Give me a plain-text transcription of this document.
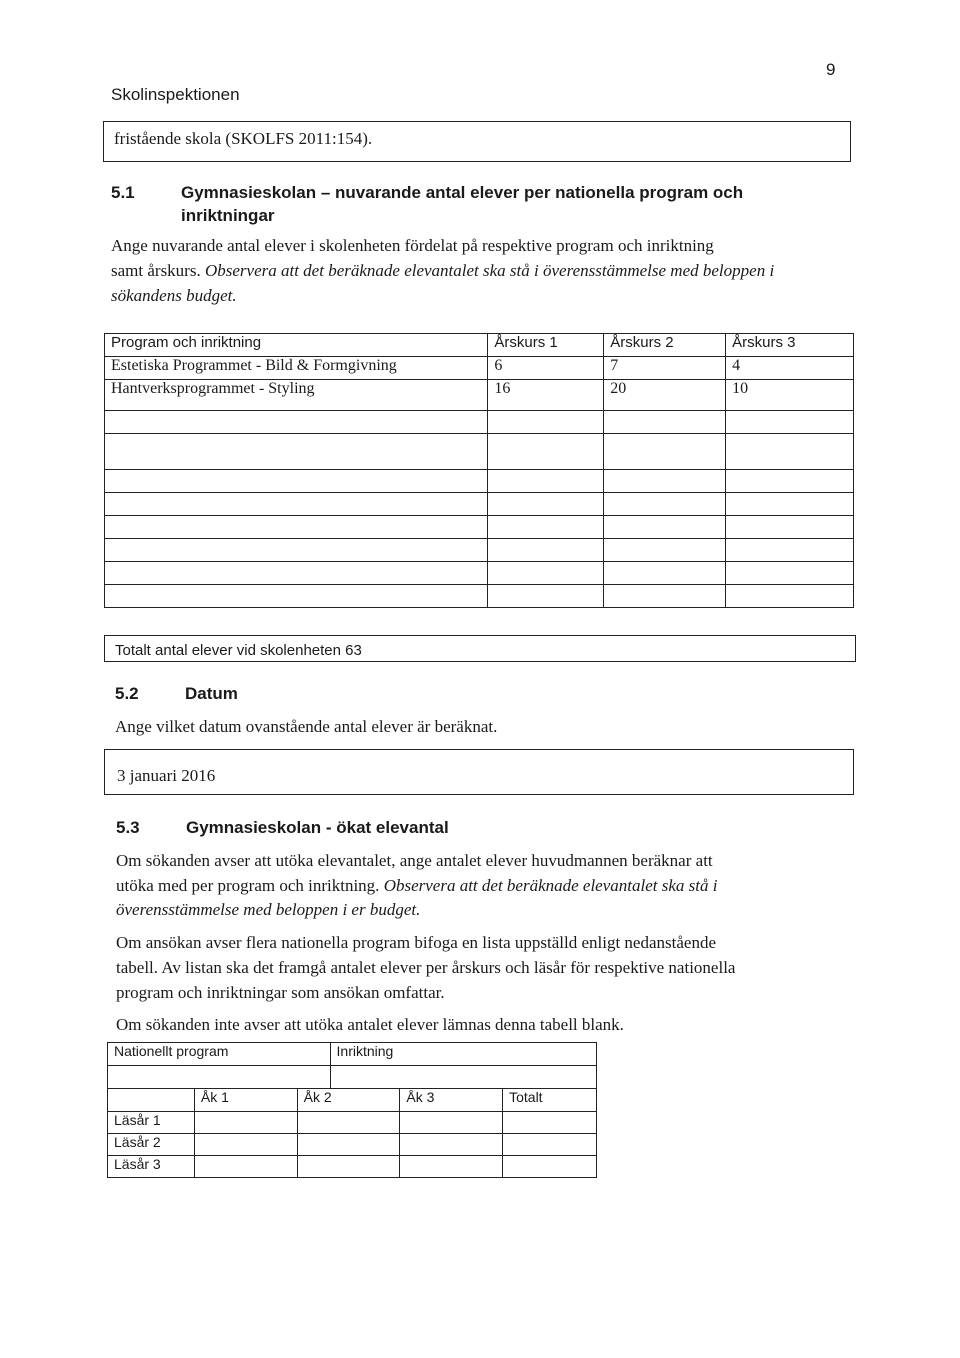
9
Skolinspektionen
fristående skola (SKOLFS 2011:154).
5.1	Gymnasieskolan – nuvarande antal elever per nationella program och
inriktningar
Ange nuvarande antal elever i skolenheten fördelat på respektive program och inriktning
samt årskurs. Observera att det beräknade elevantalet ska stå i överensstämmelse med beloppen i
sökandens budget.
Program och inriktning	Årskurs 1	Årskurs 2	Årskurs 3
Estetiska Programmet - Bild & Formgivning	6	7	4
Hantverksprogrammet - Styling	16	20	10

Totalt antal elever vid skolenheten 63
5.2	Datum
Ange vilket datum ovanstående antal elever är beräknat.
3 januari 2016
5.3	Gymnasieskolan - ökat elevantal
Om sökanden avser att utöka elevantalet, ange antalet elever huvudmannen beräknar att
utöka med per program och inriktning. Observera att det beräknade elevantalet ska stå i
överensstämmelse med beloppen i er budget.
Om ansökan avser flera nationella program bifoga en lista uppställd enligt nedanstående
tabell. Av listan ska det framgå antalet elever per årskurs och läsår för respektive nationella
program och inriktningar som ansökan omfattar.
Om sökanden inte avser att utöka antalet elever lämnas denna tabell blank.
Nationellt program			Inriktning		

	Åk 1	Åk 2		Åk 3	Totalt
Läsår 1					
Läsår 2					
Läsår 3					
